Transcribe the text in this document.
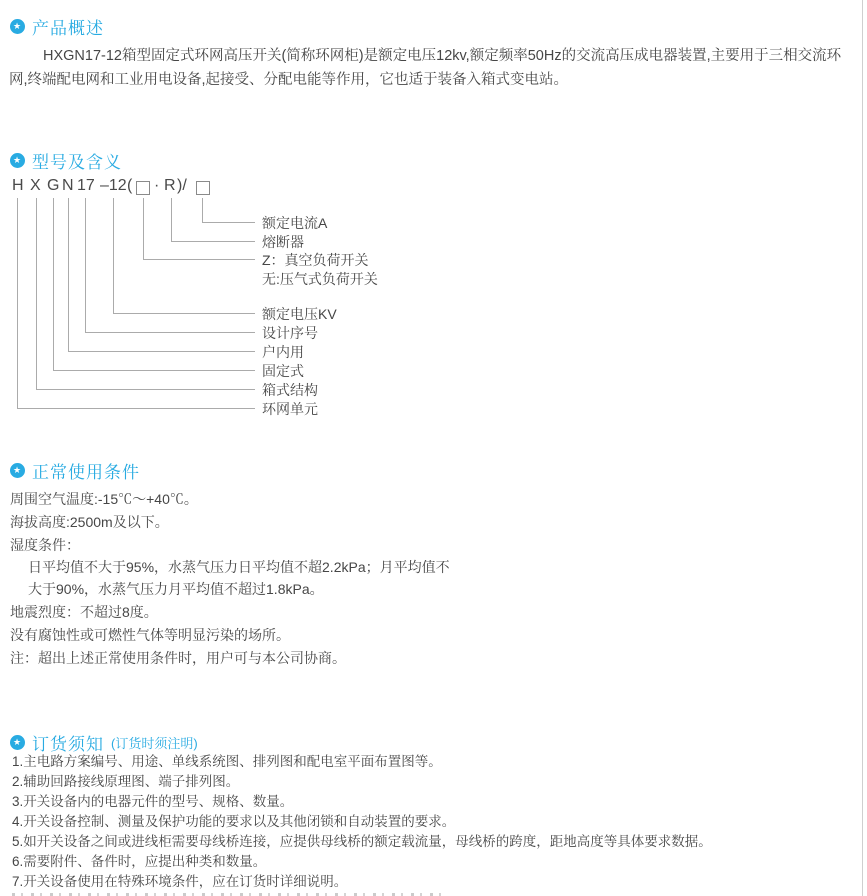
★ 产品概述
HXGN17-12箱型固定式环网高压开关(简称环网柜)是额定电压12kv,额定频率50Hz的交流高压成电器装置,主要用于三相交流环网,终端配电网和工业用电设备,起接受、分配电能等作用，它也适于装备入箱式变电站。
★ 型号及含义
H X G N 17 –12 ( · R )/
额定电流A
熔断器
Z：真空负荷开关
无:压气式负荷开关
额定电压KV
设计序号
户内用
固定式
箱式结构
环网单元
★ 正常使用条件
周围空气温度:-15℃～+40℃。
海拔高度:2500m及以下。
湿度条件：
日平均值不大于95%，水蒸气压力日平均值不超2.2kPa；月平均值不
大于90%，水蒸气压力月平均值不超过1.8kPa。
地震烈度：不超过8度。
没有腐蚀性或可燃性气体等明显污染的场所。
注：超出上述正常使用条件时，用户可与本公司协商。
★ 订货须知 (订货时须注明)
1.主电路方案编号、用途、单线系统图、排列图和配电室平面布置图等。
2.辅助回路接线原理图、端子排列图。
3.开关设备内的电器元件的型号、规格、数量。
4.开关设备控制、测量及保护功能的要求以及其他闭锁和自动装置的要求。
5.如开关设备之间或进线柜需要母线桥连接，应提供母线桥的额定载流量，母线桥的跨度，距地高度等具体要求数据。
6.需要附件、备件时，应提出种类和数量。
7.开关设备使用在特殊环境条件，应在订货时详细说明。
